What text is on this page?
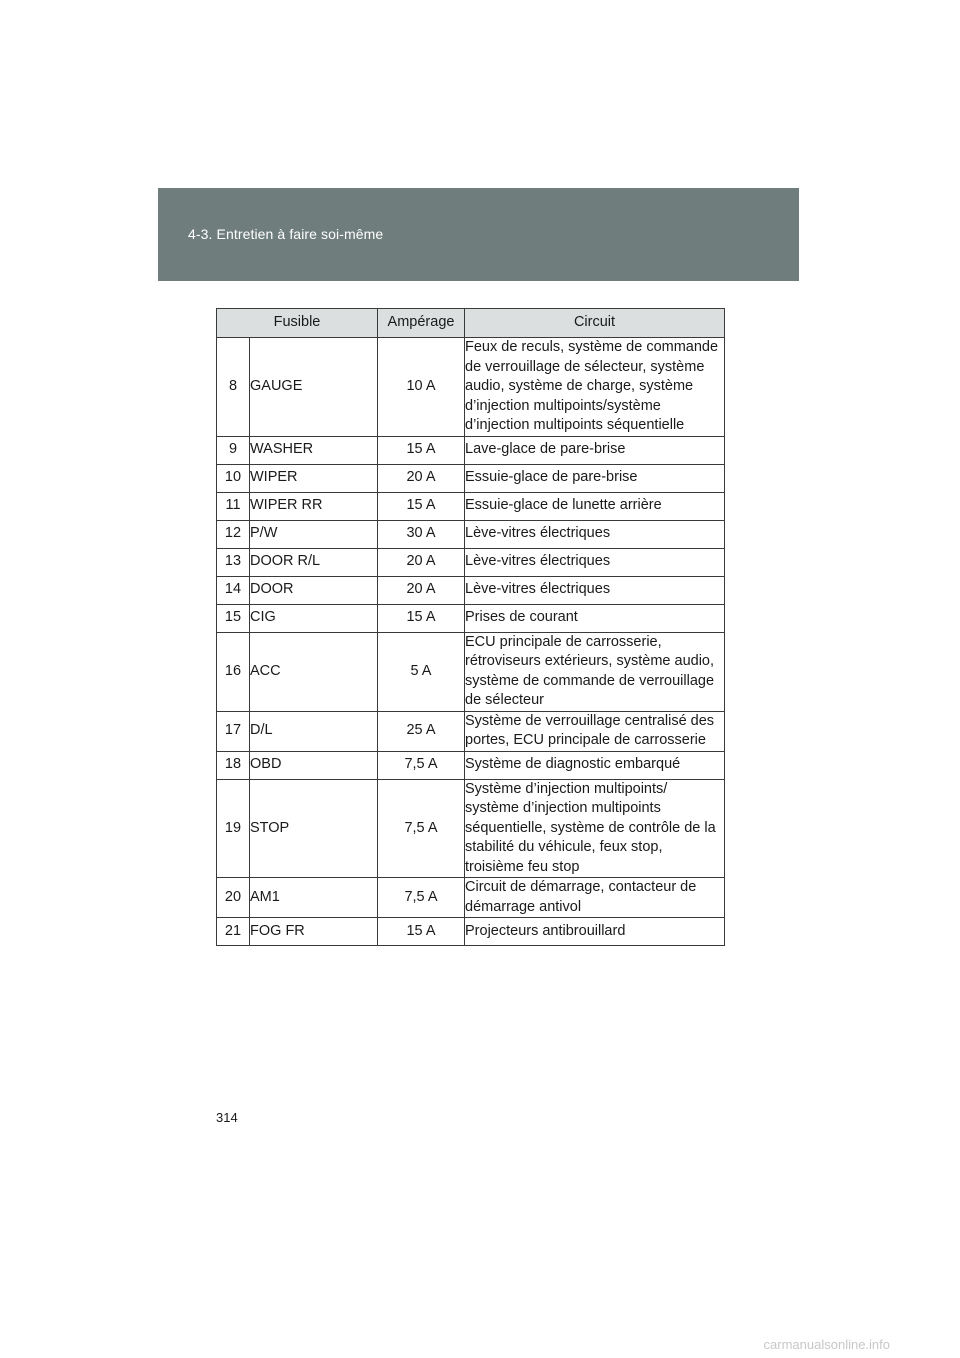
4-3. Entretien à faire soi-même
Fusible		Ampérage	Circuit
8	GAUGE	10 A	Feux de reculs, système de commande de verrouillage de sélecteur, système audio, système de charge, système d’injection multipoints/système d’injection multipoints séquentielle
9	WASHER	15 A	Lave-glace de pare-brise
10	WIPER	20 A	Essuie-glace de pare-brise
11	WIPER RR	15 A	Essuie-glace de lunette arrière
12	P/W	30 A	Lève-vitres électriques
13	DOOR R/L	20 A	Lève-vitres électriques
14	DOOR	20 A	Lève-vitres électriques
15	CIG	15 A	Prises de courant
16	ACC	5 A	ECU principale de carrosserie, rétroviseurs extérieurs, système audio, système de commande de verrouillage de sélecteur
17	D/L	25 A	Système de verrouillage centralisé des portes, ECU principale de carrosserie
18	OBD	7,5 A	Système de diagnostic embarqué
19	STOP	7,5 A	Système d’injection multipoints/ système d’injection multipoints séquentielle, système de contrôle de la stabilité du véhicule, feux stop, troisième feu stop
20	AM1	7,5 A	Circuit de démarrage, contacteur de démarrage antivol
21	FOG FR	15 A	Projecteurs antibrouillard
314
carmanualsonline.info
